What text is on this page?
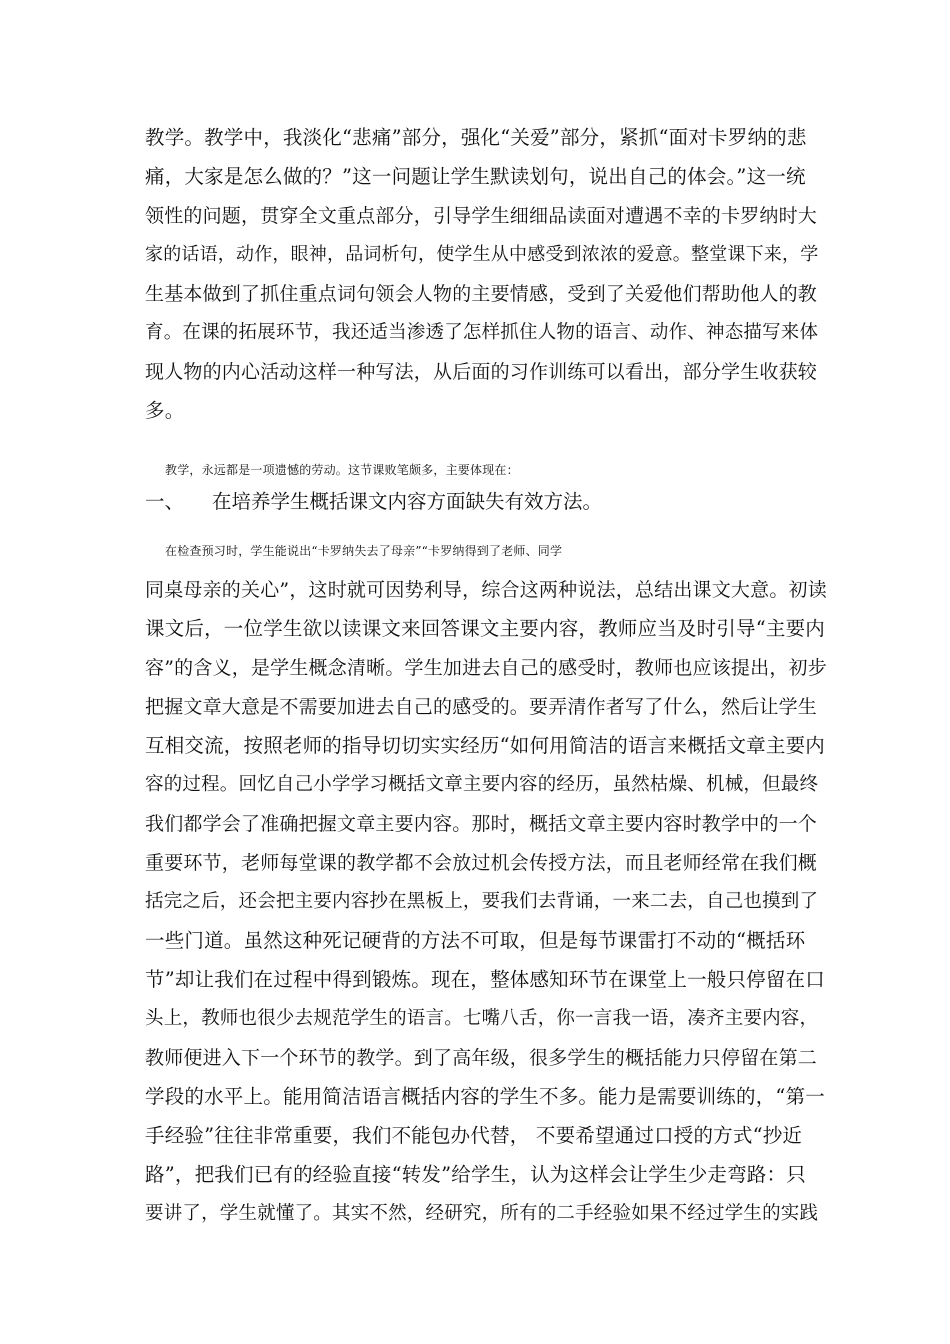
教学。教学中，我淡化“悲痛”部分，强化“关爱”部分，紧抓“面对卡罗纳的悲
痛，大家是怎么做的？”这一问题让学生默读划句，说出自己的体会。”这一统
领性的问题，贯穿全文重点部分，引导学生细细品读面对遭遇不幸的卡罗纳时大
家的话语，动作，眼神，品词析句，使学生从中感受到浓浓的爱意。整堂课下来，学
生基本做到了抓住重点词句领会人物的主要情感，受到了关爱他们帮助他人的教
育。在课的拓展环节，我还适当渗透了怎样抓住人物的语言、动作、神态描写来体
现人物的内心活动这样一种写法，从后面的习作训练可以看出，部分学生收获较
多。
教学，永远都是一项遗憾的劳动。这节课败笔颇多，主要体现在：
一、 在培养学生概括课文内容方面缺失有效方法。
在检查预习时，学生能说出“卡罗纳失去了母亲”“卡罗纳得到了老师、同学
同桌母亲的关心”，这时就可因势利导，综合这两种说法，总结出课文大意。初读
课文后，一位学生欲以读课文来回答课文主要内容，教师应当及时引导“主要内
容”的含义，是学生概念清晰。学生加进去自己的感受时，教师也应该提出，初步
把握文章大意是不需要加进去自己的感受的。要弄清作者写了什么，然后让学生
互相交流，按照老师的指导切切实实经历“如何用简洁的语言来概括文章主要内
容的过程。回忆自己小学学习概括文章主要内容的经历，虽然枯燥、机械，但最终
我们都学会了准确把握文章主要内容。那时，概括文章主要内容时教学中的一个
重要环节，老师每堂课的教学都不会放过机会传授方法，而且老师经常在我们概
括完之后，还会把主要内容抄在黑板上，要我们去背诵，一来二去，自己也摸到了
一些门道。虽然这种死记硬背的方法不可取，但是每节课雷打不动的“概括环
节”却让我们在过程中得到锻炼。现在，整体感知环节在课堂上一般只停留在口
头上，教师也很少去规范学生的语言。七嘴八舌，你一言我一语，凑齐主要内容，
教师便进入下一个环节的教学。到了高年级，很多学生的概括能力只停留在第二
学段的水平上。能用简洁语言概括内容的学生不多。能力是需要训练的，“第一
手经验”往往非常重要，我们不能包办代替， 不要希望通过口授的方式“抄近
路”，把我们已有的经验直接“转发”给学生，认为这样会让学生少走弯路：只
要讲了，学生就懂了。其实不然，经研究，所有的二手经验如果不经过学生的实践
